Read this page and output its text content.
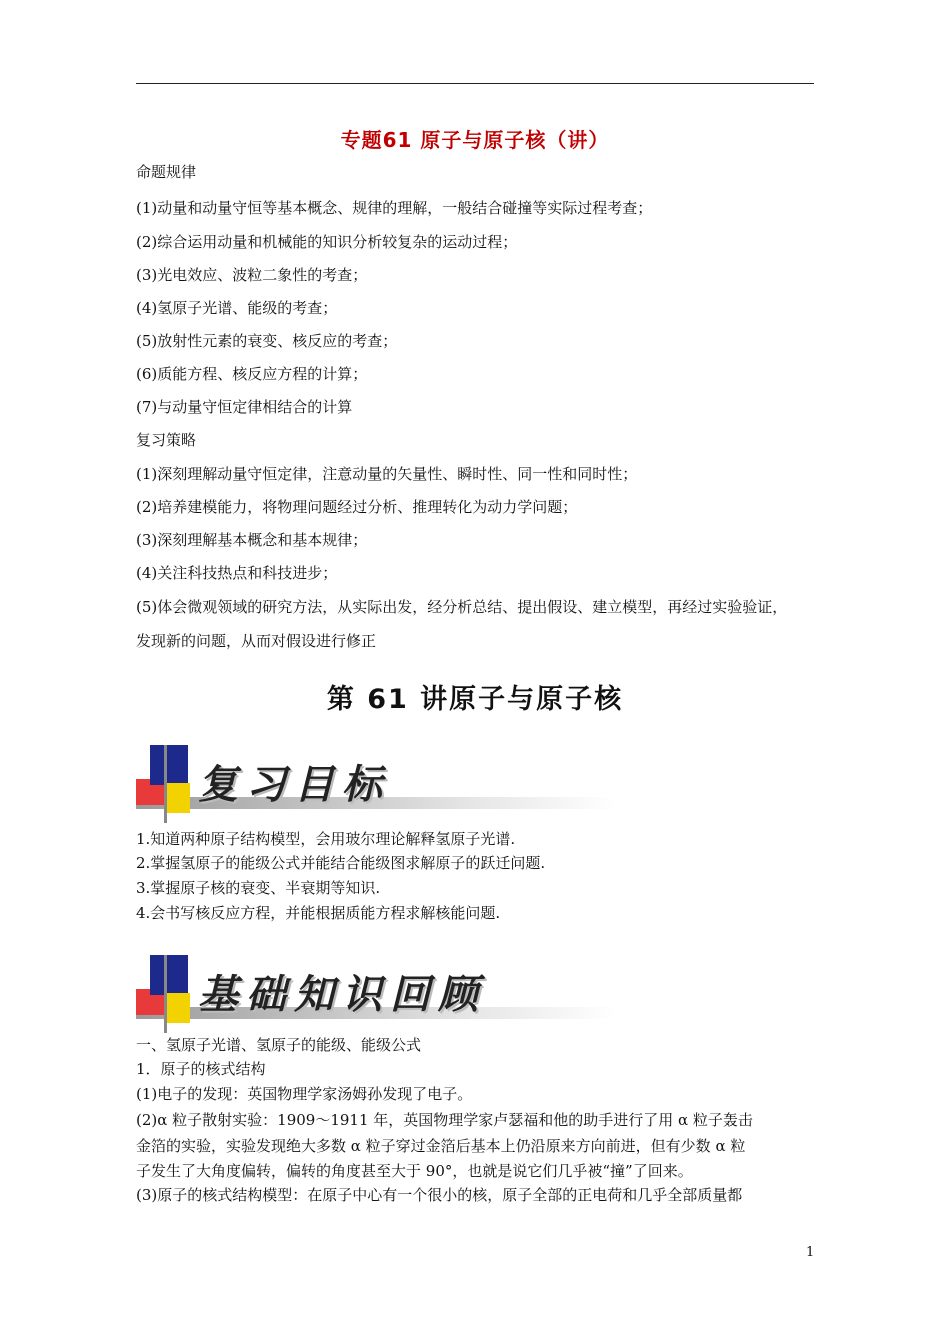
专题61 原子与原子核（讲）
命题规律
(1)动量和动量守恒等基本概念、规律的理解，一般结合碰撞等实际过程考查；
(2)综合运用动量和机械能的知识分析较复杂的运动过程；
(3)光电效应、波粒二象性的考查；
(4)氢原子光谱、能级的考查；
(5)放射性元素的衰变、核反应的考查；
(6)质能方程、核反应方程的计算；
(7)与动量守恒定律相结合的计算
复习策略
(1)深刻理解动量守恒定律，注意动量的矢量性、瞬时性、同一性和同时性；
(2)培养建模能力，将物理问题经过分析、推理转化为动力学问题；
(3)深刻理解基本概念和基本规律；
(4)关注科技热点和科技进步；
(5)体会微观领域的研究方法，从实际出发，经分析总结、提出假设、建立模型，再经过实验验证，
发现新的问题，从而对假设进行修正
第 61 讲原子与原子核
复习目标
1.知道两种原子结构模型，会用玻尔理论解释氢原子光谱.
2.掌握氢原子的能级公式并能结合能级图求解原子的跃迁问题.
3.掌握原子核的衰变、半衰期等知识.
4.会书写核反应方程，并能根据质能方程求解核能问题.
基础知识回顾
一、氢原子光谱、氢原子的能级、能级公式
1．原子的核式结构
(1)电子的发现：英国物理学家汤姆孙发现了电子。
(2)α 粒子散射实验：1909～1911 年，英国物理学家卢瑟福和他的助手进行了用 α 粒子轰击
金箔的实验，实验发现绝大多数 α 粒子穿过金箔后基本上仍沿原来方向前进，但有少数 α 粒
子发生了大角度偏转，偏转的角度甚至大于 90°，也就是说它们几乎被“撞”了回来。
(3)原子的核式结构模型：在原子中心有一个很小的核，原子全部的正电荷和几乎全部质量都
1
